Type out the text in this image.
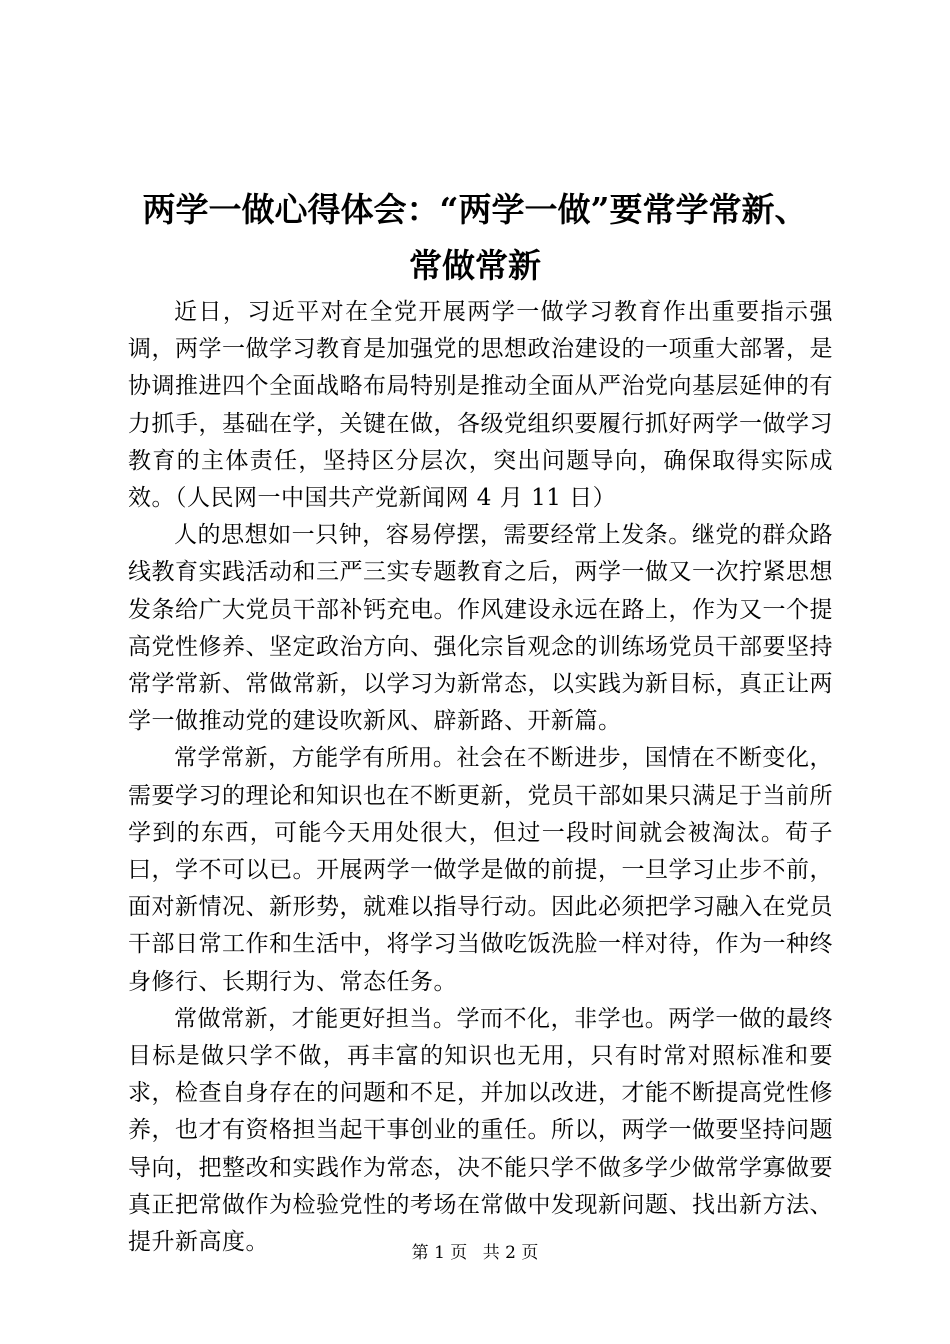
两学一做心得体会：“两学一做”要常学常新、
常做常新

近日，习近平对在全党开展两学一做学习教育作出重要指示强调，两学一做学习教育是加强党的思想政治建设的一项重大部署，是协调推进四个全面战略布局特别是推动全面从严治党向基层延伸的有力抓手，基础在学，关键在做，各级党组织要履行抓好两学一做学习教育的主体责任，坚持区分层次，突出问题导向，确保取得实际成效。（人民网一中国共产党新闻网 4 月 11 日）

人的思想如一只钟，容易停摆，需要经常上发条。继党的群众路线教育实践活动和三严三实专题教育之后，两学一做又一次拧紧思想发条给广大党员干部补钙充电。作风建设永远在路上，作为又一个提高党性修养、坚定政治方向、强化宗旨观念的训练场党员干部要坚持常学常新、常做常新，以学习为新常态，以实践为新目标，真正让两学一做推动党的建设吹新风、辟新路、开新篇。

常学常新，方能学有所用。社会在不断进步，国情在不断变化，需要学习的理论和知识也在不断更新，党员干部如果只满足于当前所学到的东西，可能今天用处很大，但过一段时间就会被淘汰。荀子曰，学不可以已。开展两学一做学是做的前提，一旦学习止步不前，面对新情况、新形势，就难以指导行动。因此必须把学习融入在党员干部日常工作和生活中，将学习当做吃饭洗脸一样对待，作为一种终身修行、长期行为、常态任务。

常做常新，才能更好担当。学而不化，非学也。两学一做的最终目标是做只学不做，再丰富的知识也无用，只有时常对照标准和要求，检查自身存在的问题和不足，并加以改进，才能不断提高党性修养，也才有资格担当起干事创业的重任。所以，两学一做要坚持问题导向，把整改和实践作为常态，决不能只学不做多学少做常学寡做要真正把常做作为检验党性的考场在常做中发现新问题、找出新方法、提升新高度。	第 1 页 共 2 页
